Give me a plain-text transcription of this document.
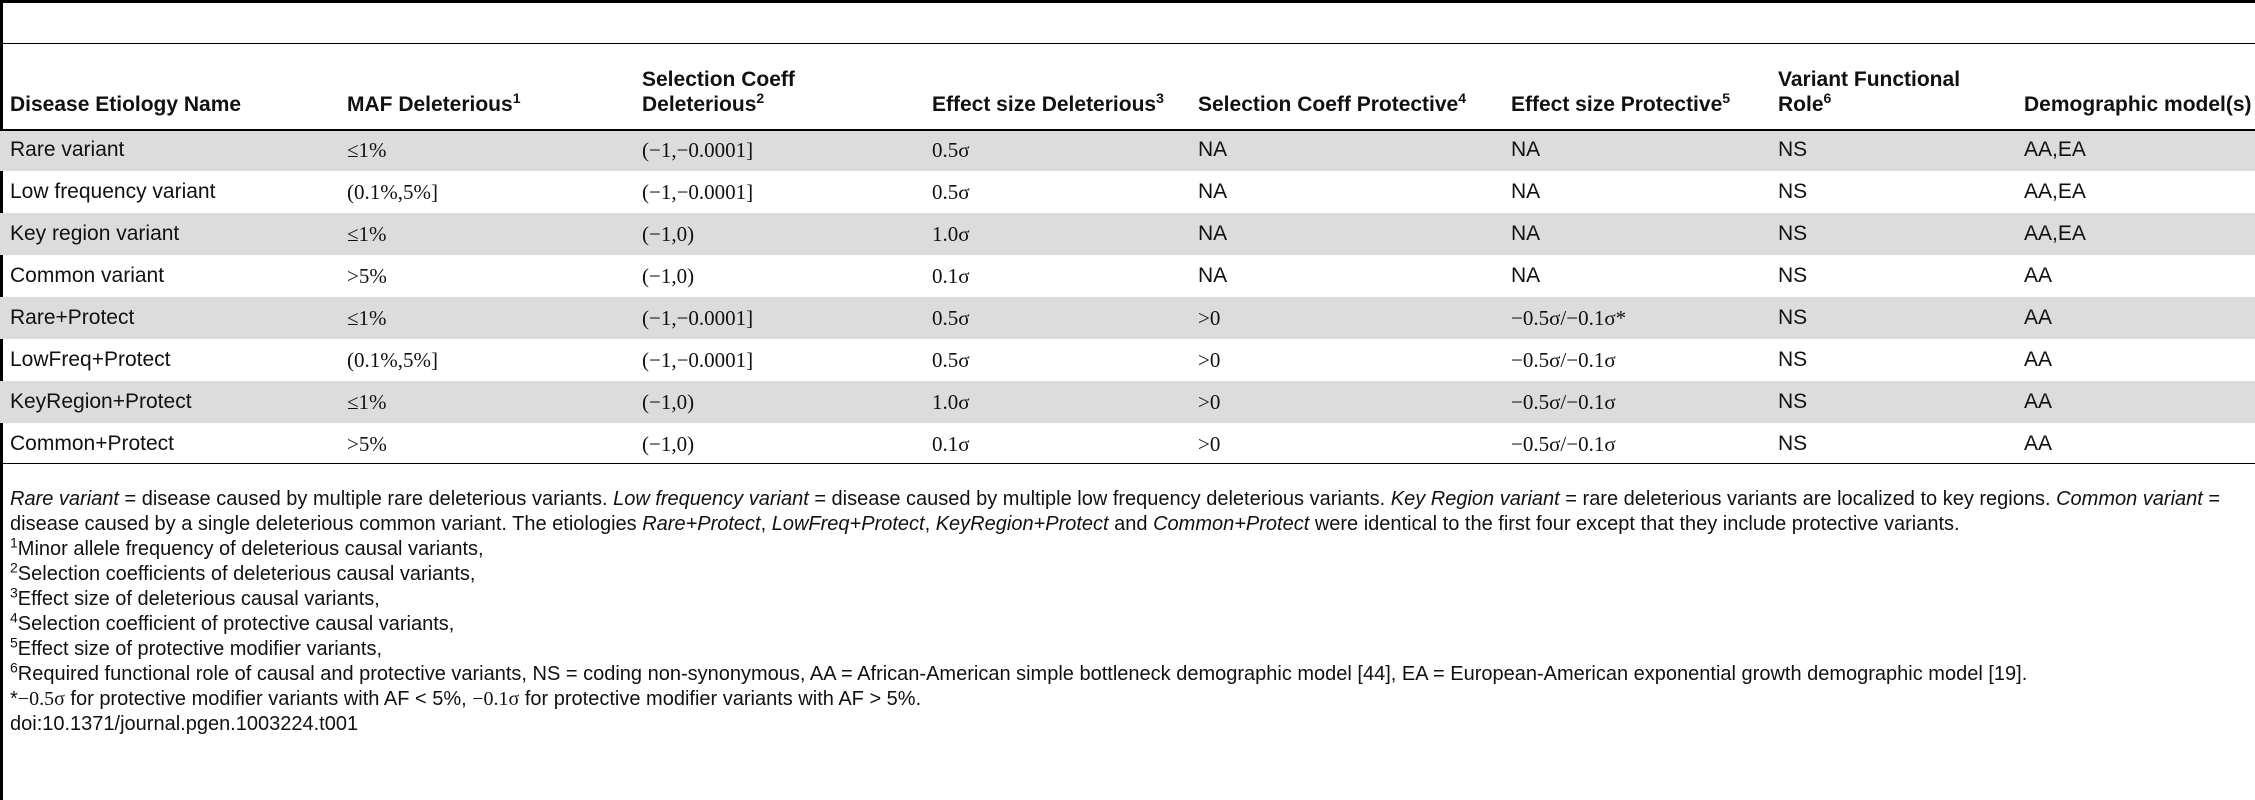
Disease Etiology Name	MAF Deleterious$^1$	Selection Coeff Deleterious$^2$	Effect size Deleterious$^3$	Selection Coeff Protective$^4$	Effect size Protective$^5$	Variant Functional Role$^6$	Demographic model(s)
Rare variant	≤1%	(−1,−0.0001]	0.5σ	NA	NA	NS	AA,EA
Low frequency variant	(0.1%,5%]	(−1,−0.0001]	0.5σ	NA	NA	NS	AA,EA
Key region variant	≤1%	(−1,0)	1.0σ	NA	NA	NS	AA,EA
Common variant	>5%	(−1,0)	0.1σ	NA	NA	NS	AA
Rare+Protect	≤1%	(−1,−0.0001]	0.5σ	>0	−0.5σ/−0.1σ*	NS	AA
LowFreq+Protect	(0.1%,5%]	(−1,−0.0001]	0.5σ	>0	−0.5σ/−0.1σ	NS	AA
KeyRegion+Protect	≤1%	(−1,0)	1.0σ	>0	−0.5σ/−0.1σ	NS	AA
Common+Protect	>5%	(−1,0)	0.1σ	>0	−0.5σ/−0.1σ	NS	AA

Rare variant = disease caused by multiple rare deleterious variants. Low frequency variant = disease caused by multiple low frequency deleterious variants. Key Region variant = rare deleterious variants are localized to key regions. Common variant = disease caused by a single deleterious common variant. The etiologies Rare+Protect, LowFreq+Protect, KeyRegion+Protect and Common+Protect were identical to the first four except that they include protective variants.

$^1$Minor allele frequency of deleterious causal variants,

$^2$Selection coefficients of deleterious causal variants,

$^3$Effect size of deleterious causal variants,

$^4$Selection coefficient of protective causal variants,

$^5$Effect size of protective modifier variants,

$^6$Required functional role of causal and protective variants, NS = coding non-synonymous, AA = African-American simple bottleneck demographic model [44], EA = European-American exponential growth demographic model [19].

*−0.5σ for protective modifier variants with AF < 5%, −0.1σ for protective modifier variants with AF > 5%.

doi:10.1371/journal.pgen.1003224.t001
